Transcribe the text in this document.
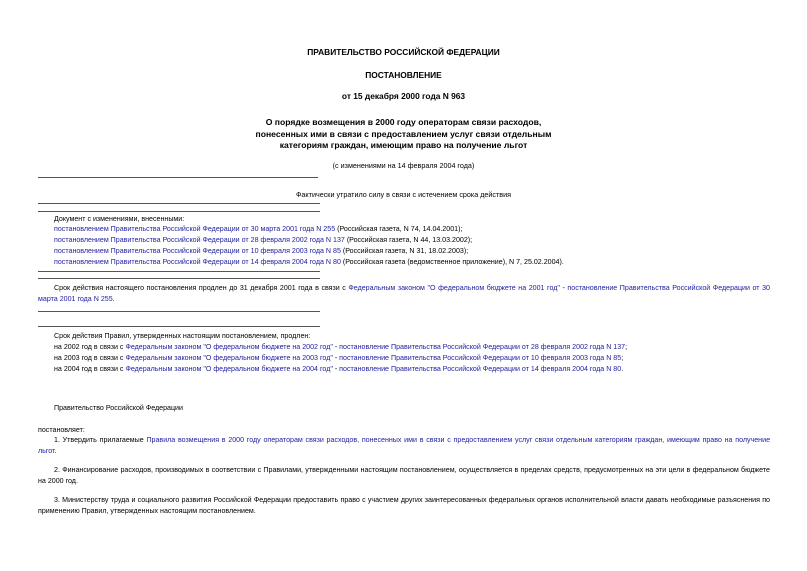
ПРАВИТЕЛЬСТВО РОССИЙСКОЙ ФЕДЕРАЦИИ
ПОСТАНОВЛЕНИЕ
от 15 декабря 2000 года N 963
О порядке возмещения в 2000 году операторам связи расходов,
понесенных ими в связи с предоставлением услуг связи отдельным
категориям граждан, имеющим право на получение льгот
(с изменениями на 14 февраля 2004 года)
Фактически утратило силу в связи с истечением срока действия
Документ с изменениями, внесенными:
постановлением Правительства Российской Федерации от 30 марта 2001 года N 255 (Российская газета, N 74, 14.04.2001);
постановлением Правительства Российской Федерации от 28 февраля 2002 года N 137 (Российская газета, N 44, 13.03.2002);
постановлением Правительства Российской Федерации от 10 февраля 2003 года N 85 (Российская газета, N 31, 18.02.2003);
постановлением Правительства Российской Федерации от 14 февраля 2004 года N 80 (Российская газета (ведомственное приложение), N 7, 25.02.2004).
Срок действия настоящего постановления продлен до 31 декабря 2001 года в связи с Федеральным законом "О федеральном бюджете на 2001 год" - постановление Правительства Российской Федерации от 30 марта 2001 года N 255.
Срок действия Правил, утвержденных настоящим постановлением, продлен:
на 2002 год в связи с Федеральным законом "О федеральном бюджете на 2002 год" - постановление Правительства Российской Федерации от 28 февраля 2002 года N 137;
на 2003 год в связи с Федеральным законом "О федеральном бюджете на 2003 год" - постановление Правительства Российской Федерации от 10 февраля 2003 года N 85;
на 2004 год в связи с Федеральным законом "О федеральном бюджете на 2004 год" - постановление Правительства Российской Федерации от 14 февраля 2004 года N 80.
Правительство Российской Федерации
постановляет:
1. Утвердить прилагаемые Правила возмещения в 2000 году операторам связи расходов, понесенных ими в связи с предоставлением услуг связи отдельным категориям граждан, имеющим право на получение льгот.
2. Финансирование расходов, производимых в соответствии с Правилами, утвержденными настоящим постановлением, осуществляется в пределах средств, предусмотренных на эти цели в федеральном бюджете на 2000 год.
3. Министерству труда и социального развития Российской Федерации предоставить право с участием других заинтересованных федеральных органов исполнительной власти давать необходимые разъяснения по применению Правил, утвержденных настоящим постановлением.
